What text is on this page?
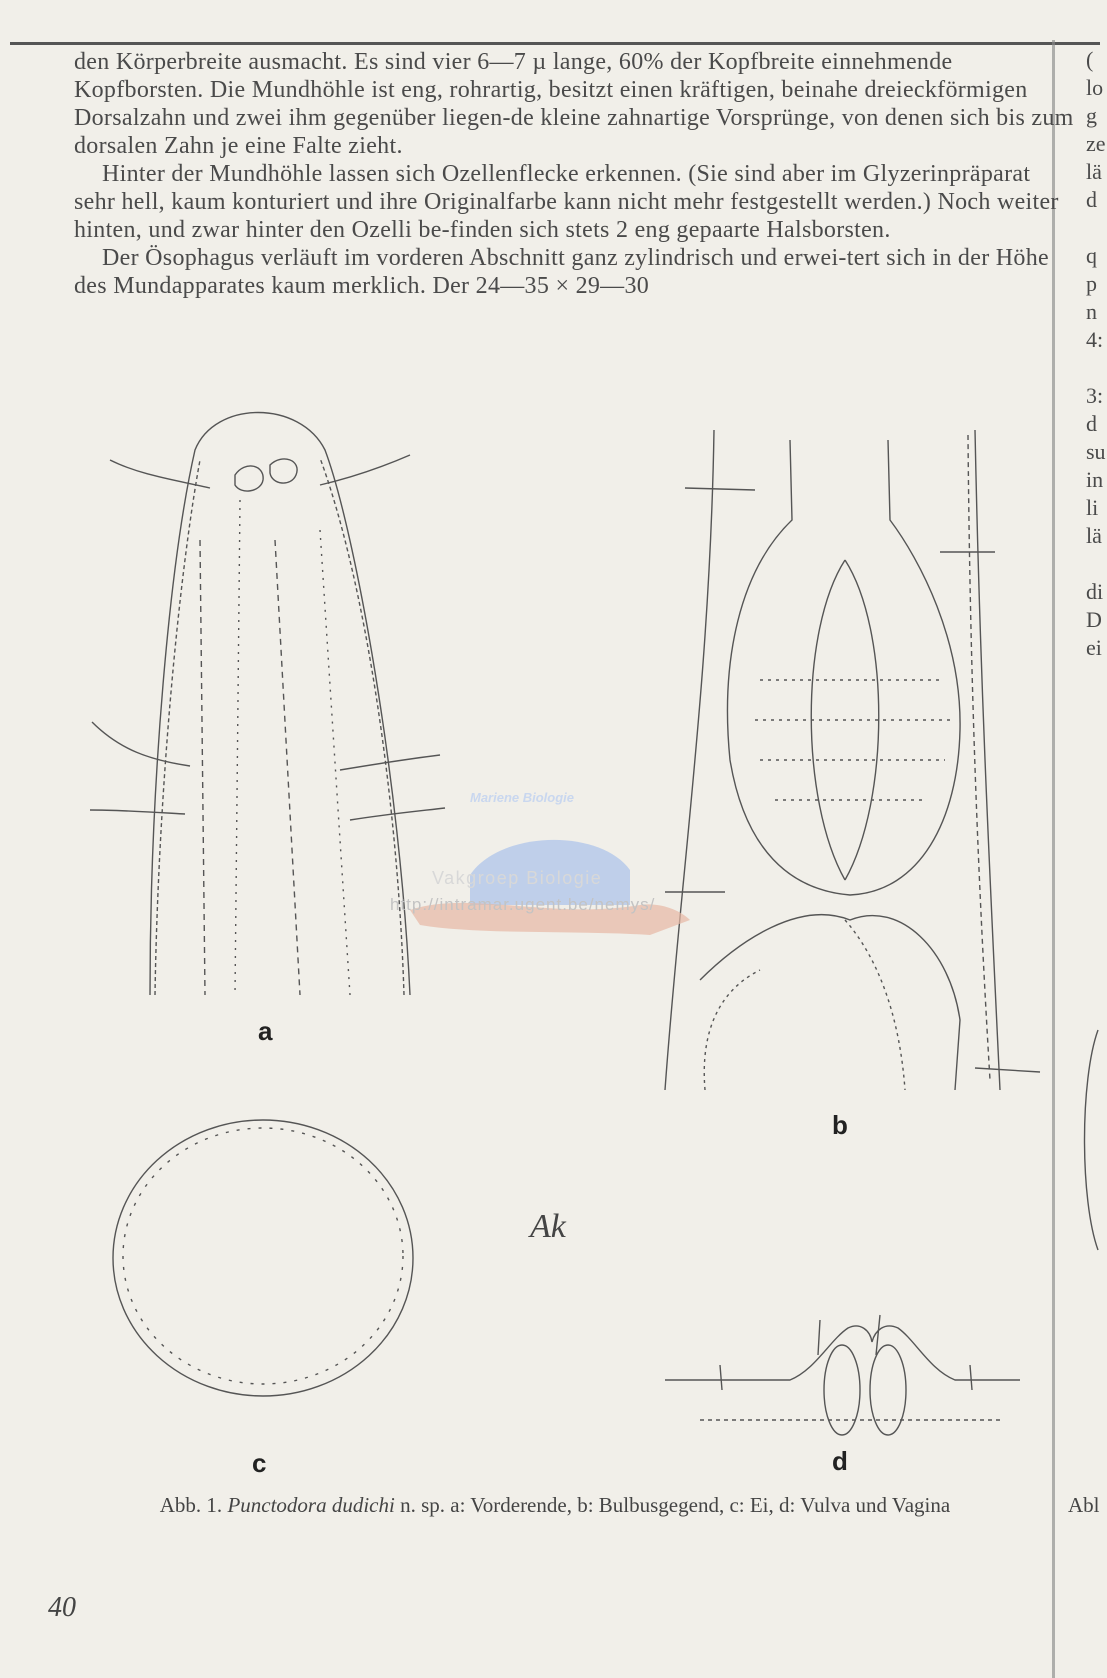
den Körperbreite ausmacht. Es sind vier 6—7 µ lange, 60% der Kopfbreite einnehmende Kopfborsten. Die Mundhöhle ist eng, rohrartig, besitzt einen kräftigen, beinahe dreieckförmigen Dorsalzahn und zwei ihm gegenüber liegen-de kleine zahnartige Vorsprünge, von denen sich bis zum dorsalen Zahn je eine Falte zieht.

Hinter der Mundhöhle lassen sich Ozellenflecke erkennen. (Sie sind aber im Glyzerinpräparat sehr hell, kaum konturiert und ihre Originalfarbe kann nicht mehr festgestellt werden.) Noch weiter hinten, und zwar hinter den Ozelli be-finden sich stets 2 eng gepaarte Halsborsten.

Der Ösophagus verläuft im vorderen Abschnitt ganz zylindrisch und erwei-tert sich in der Höhe des Mundapparates kaum merklich. Der 24—35 × 29—30

(
lo
g
ze
lä
d
q
p
n
4:
3:
d
su
in
li
lä
di
D
ei
a
b
c	d
Ak
Mariene Biologie
Vakgroep Biologie
http://intramar.ugent.be/nemys/
Abb. 1. Punctodora dudichi n. sp. a: Vorderende, b: Bulbusgegend, c: Ei, d: Vulva und Vagina	Abl
40
